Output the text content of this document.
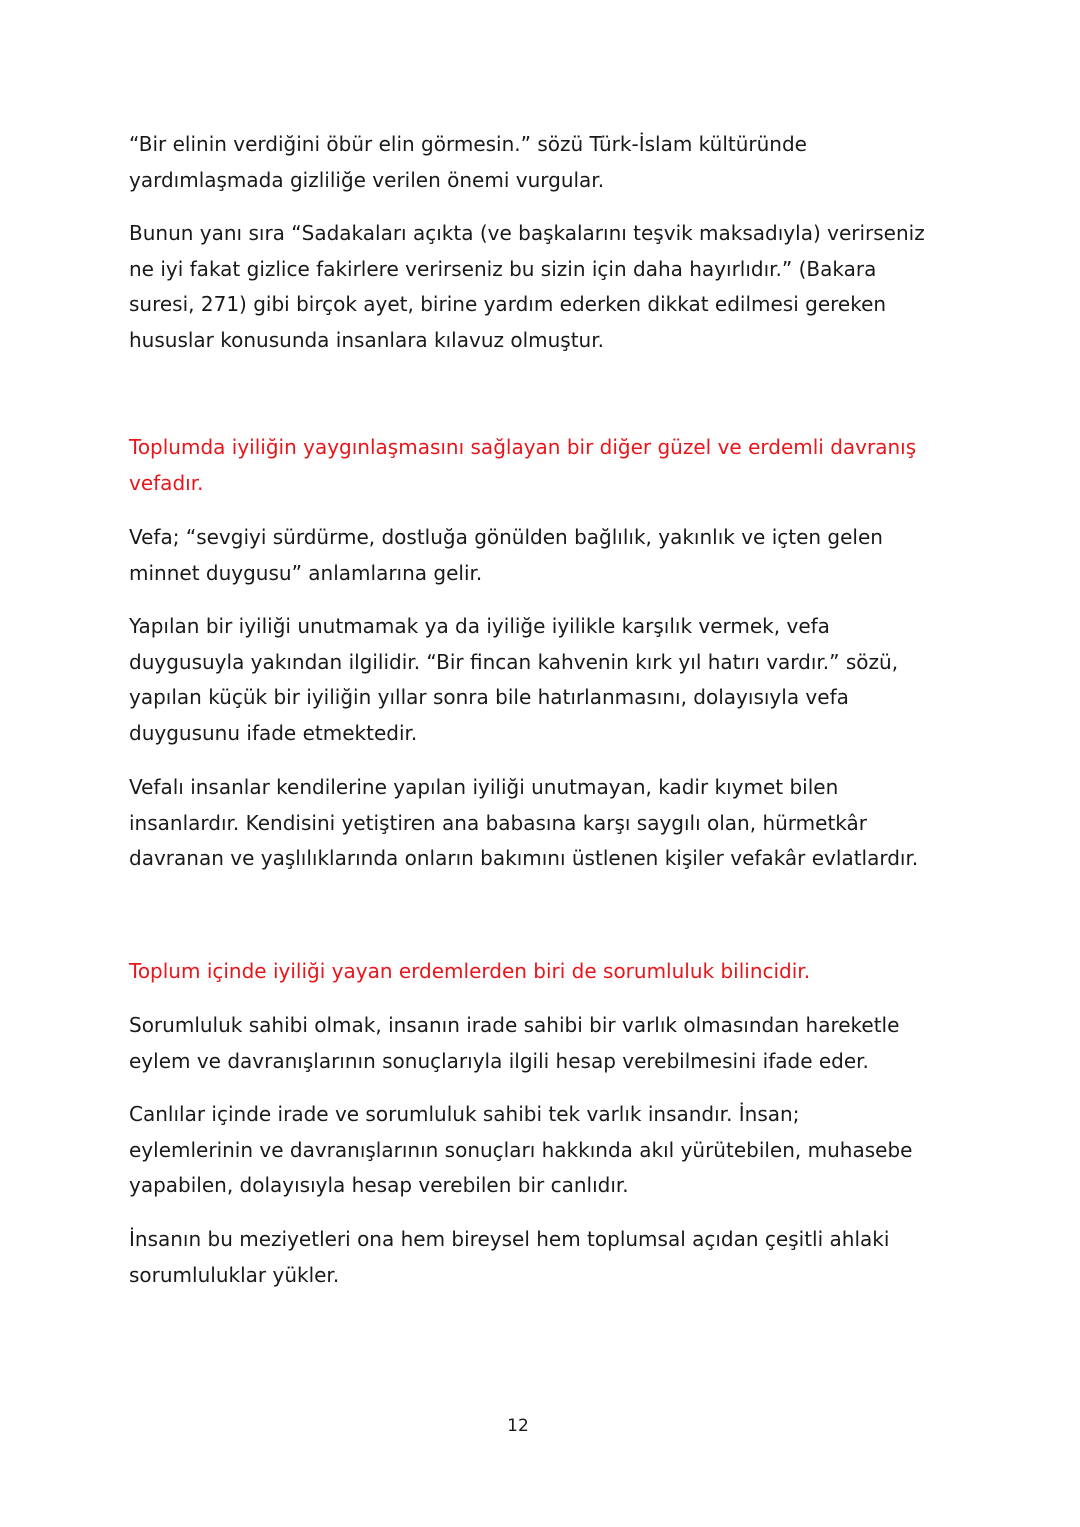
“Bir elinin verdiğini öbür elin görmesin.” sözü Türk-İslam kültüründe
yardımlaşmada gizliliğe verilen önemi vurgular.

Bunun yanı sıra “Sadakaları açıkta (ve başkalarını teşvik maksadıyla) verirseniz
ne iyi fakat gizlice fakirlere verirseniz bu sizin için daha hayırlıdır.” (Bakara
suresi, 271) gibi birçok ayet, birine yardım ederken dikkat edilmesi gereken
hususlar konusunda insanlara kılavuz olmuştur.

Toplumda iyiliğin yaygınlaşmasını sağlayan bir diğer güzel ve erdemli davranış
vefadır.

Vefa; “sevgiyi sürdürme, dostluğa gönülden bağlılık, yakınlık ve içten gelen
minnet duygusu” anlamlarına gelir.

Yapılan bir iyiliği unutmamak ya da iyiliğe iyilikle karşılık vermek, vefa
duygusuyla yakından ilgilidir. “Bir fincan kahvenin kırk yıl hatırı vardır.” sözü,
yapılan küçük bir iyiliğin yıllar sonra bile hatırlanmasını, dolayısıyla vefa
duygusunu ifade etmektedir.

Vefalı insanlar kendilerine yapılan iyiliği unutmayan, kadir kıymet bilen
insanlardır. Kendisini yetiştiren ana babasına karşı saygılı olan, hürmetkâr
davranan ve yaşlılıklarında onların bakımını üstlenen kişiler vefakâr evlatlardır.

Toplum içinde iyiliği yayan erdemlerden biri de sorumluluk bilincidir.

Sorumluluk sahibi olmak, insanın irade sahibi bir varlık olmasından hareketle
eylem ve davranışlarının sonuçlarıyla ilgili hesap verebilmesini ifade eder.

Canlılar içinde irade ve sorumluluk sahibi tek varlık insandır. İnsan;
eylemlerinin ve davranışlarının sonuçları hakkında akıl yürütebilen, muhasebe
yapabilen, dolayısıyla hesap verebilen bir canlıdır.

İnsanın bu meziyetleri ona hem bireysel hem toplumsal açıdan çeşitli ahlaki
sorumluluklar yükler.

12
